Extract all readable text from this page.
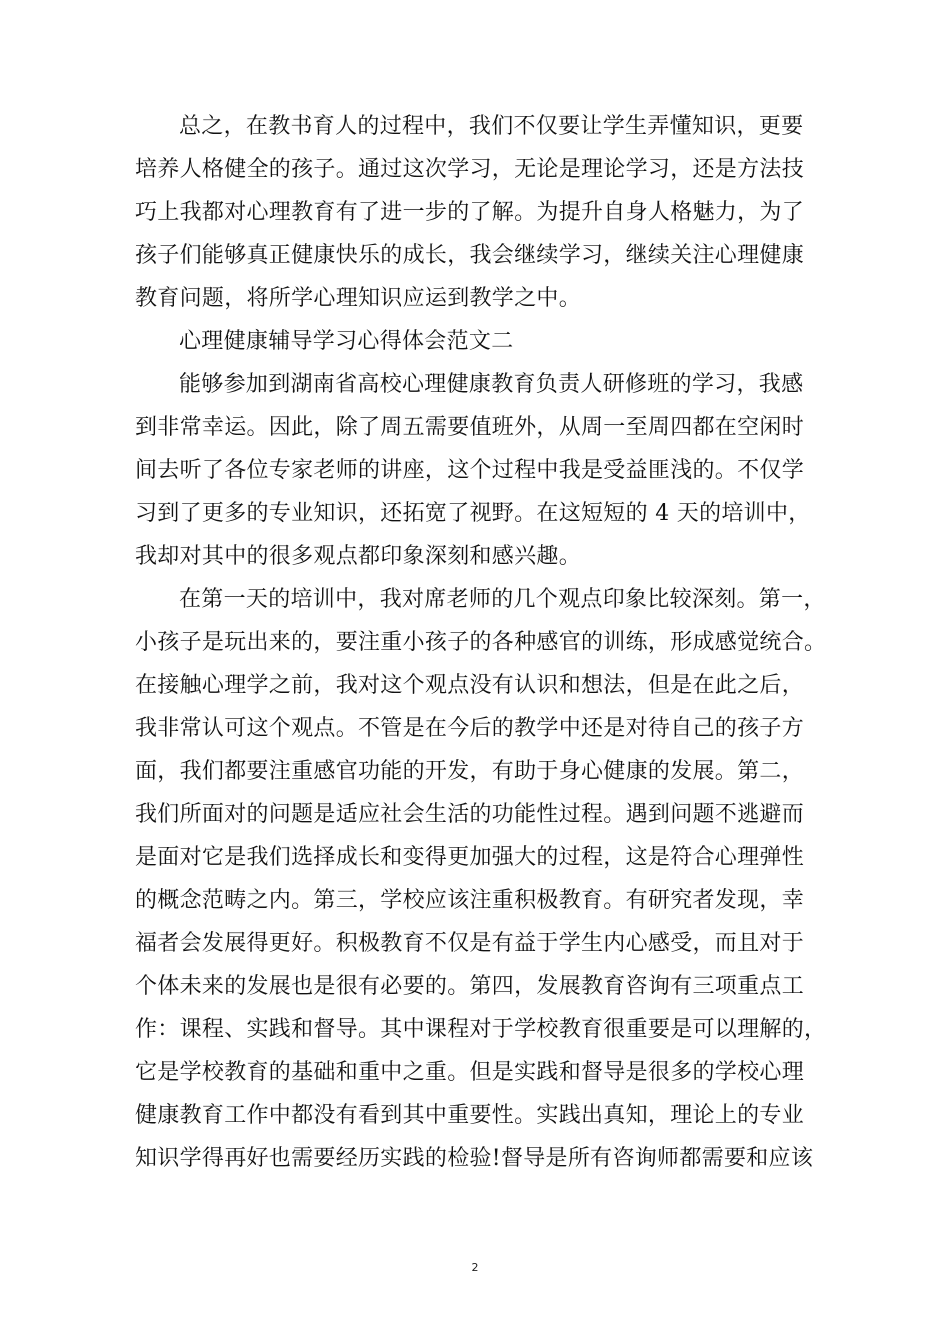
总之，在教书育人的过程中，我们不仅要让学生弄懂知识，更要
培养人格健全的孩子。通过这次学习，无论是理论学习，还是方法技
巧上我都对心理教育有了进一步的了解。为提升自身人格魅力，为了
孩子们能够真正健康快乐的成长，我会继续学习，继续关注心理健康
教育问题，将所学心理知识应运到教学之中。
心理健康辅导学习心得体会范文二
能够参加到湖南省高校心理健康教育负责人研修班的学习，我感
到非常幸运。因此，除了周五需要值班外，从周一至周四都在空闲时
间去听了各位专家老师的讲座，这个过程中我是受益匪浅的。不仅学
习到了更多的专业知识，还拓宽了视野。在这短短的 4 天的培训中，
我却对其中的很多观点都印象深刻和感兴趣。
在第一天的培训中，我对席老师的几个观点印象比较深刻。第一，
小孩子是玩出来的，要注重小孩子的各种感官的训练，形成感觉统合。
在接触心理学之前，我对这个观点没有认识和想法，但是在此之后，
我非常认可这个观点。不管是在今后的教学中还是对待自己的孩子方
面，我们都要注重感官功能的开发，有助于身心健康的发展。第二，
我们所面对的问题是适应社会生活的功能性过程。遇到问题不逃避而
是面对它是我们选择成长和变得更加强大的过程，这是符合心理弹性
的概念范畴之内。第三，学校应该注重积极教育。有研究者发现，幸
福者会发展得更好。积极教育不仅是有益于学生内心感受，而且对于
个体未来的发展也是很有必要的。第四，发展教育咨询有三项重点工
作：课程、实践和督导。其中课程对于学校教育很重要是可以理解的，
它是学校教育的基础和重中之重。但是实践和督导是很多的学校心理
健康教育工作中都没有看到其中重要性。实践出真知，理论上的专业
知识学得再好也需要经历实践的检验!督导是所有咨询师都需要和应该
2
